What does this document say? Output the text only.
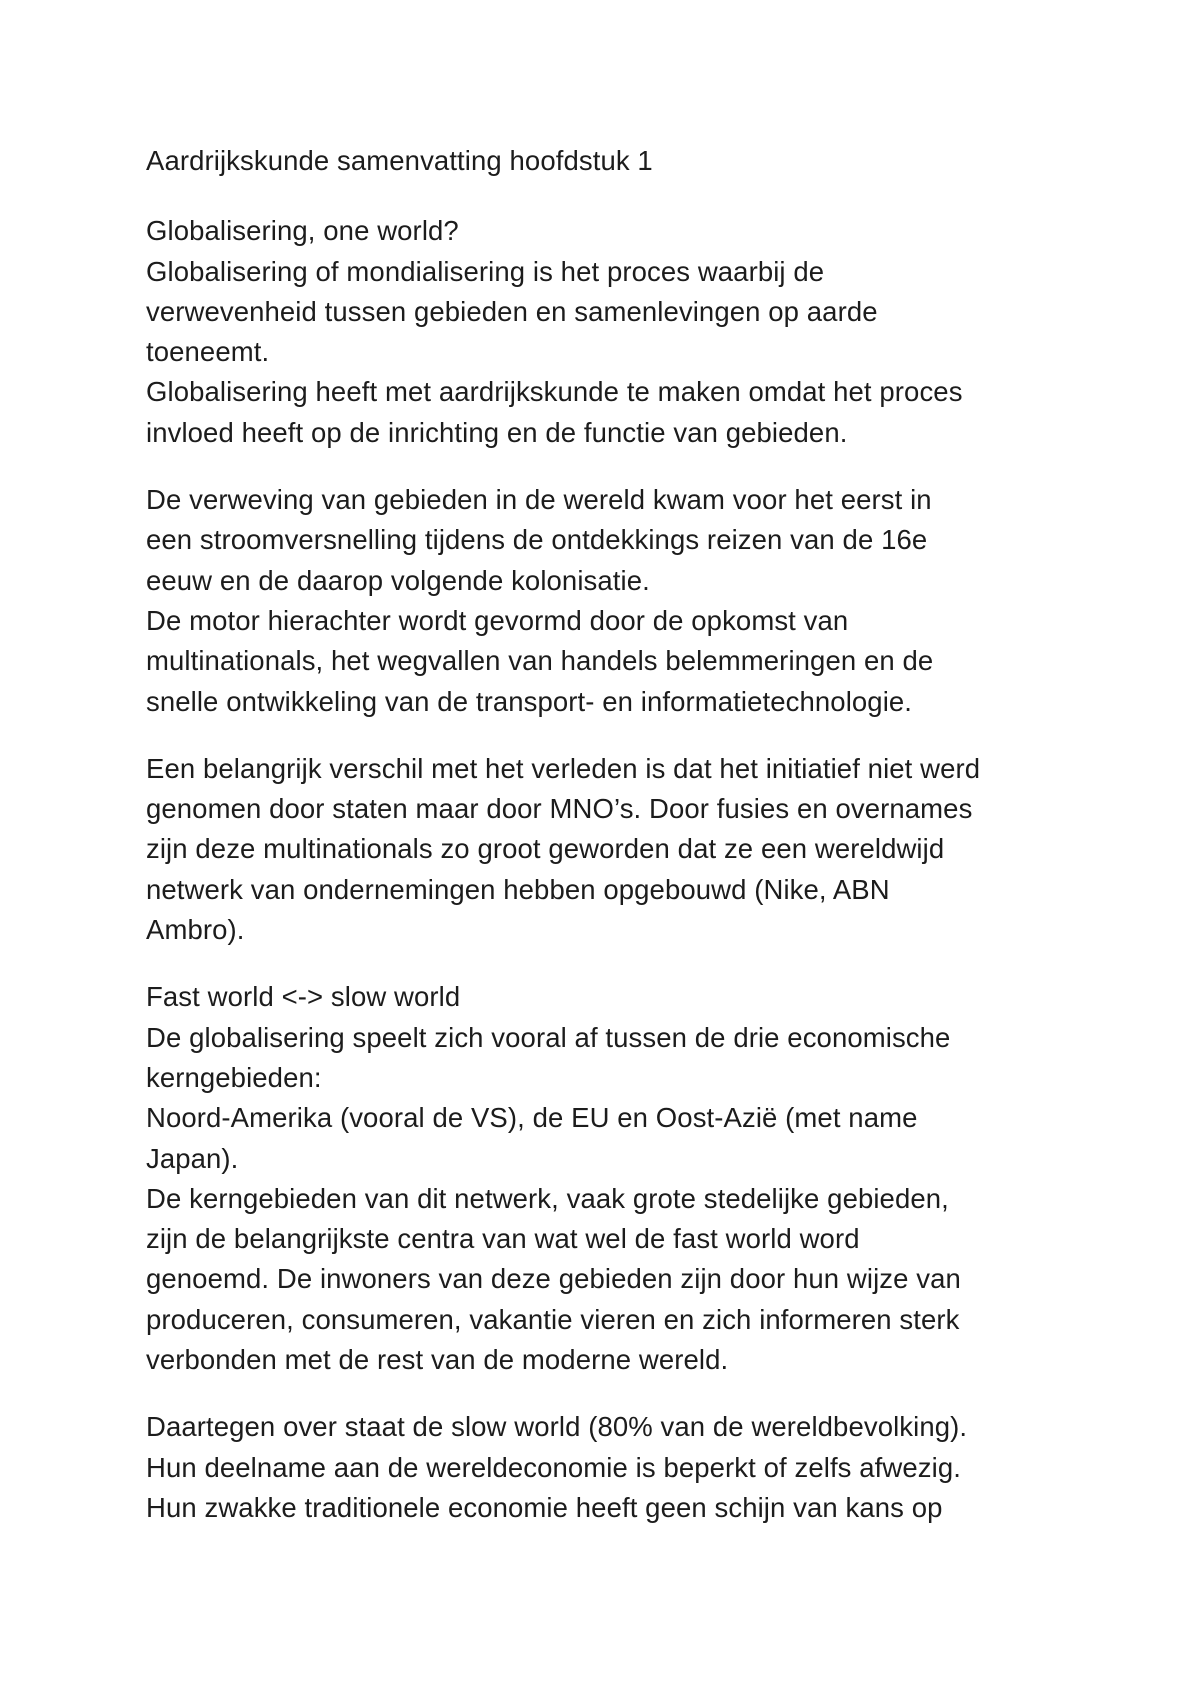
Aardrijkskunde samenvatting hoofdstuk 1
Globalisering, one world?
Globalisering of mondialisering is het proces waarbij de
verwevenheid tussen gebieden en samenlevingen op aarde
toeneemt.
Globalisering heeft met aardrijkskunde te maken omdat het proces
invloed heeft op de inrichting en de functie van gebieden.
De verweving van gebieden in de wereld kwam voor het eerst in
een stroomversnelling tijdens de ontdekkings reizen van de 16e
eeuw en de daarop volgende kolonisatie.
De motor hierachter wordt gevormd door de opkomst van
multinationals, het wegvallen van handels belemmeringen en de
snelle ontwikkeling van de transport- en informatietechnologie.
Een belangrijk verschil met het verleden is dat het initiatief niet werd
genomen door staten maar door MNO’s. Door fusies en overnames
zijn deze multinationals zo groot geworden dat ze een wereldwijd
netwerk van ondernemingen hebben opgebouwd (Nike, ABN
Ambro).
Fast world <-> slow world
De globalisering speelt zich vooral af tussen de drie economische
kerngebieden:
Noord-Amerika (vooral de VS), de EU en Oost-Azië (met name
Japan).
De kerngebieden van dit netwerk, vaak grote stedelijke gebieden,
zijn de belangrijkste centra van wat wel de fast world word
genoemd. De inwoners van deze gebieden zijn door hun wijze van
produceren, consumeren, vakantie vieren en zich informeren sterk
verbonden met de rest van de moderne wereld.
Daartegen over staat de slow world (80% van de wereldbevolking).
Hun deelname aan de wereldeconomie is beperkt of zelfs afwezig.
Hun zwakke traditionele economie heeft geen schijn van kans op
